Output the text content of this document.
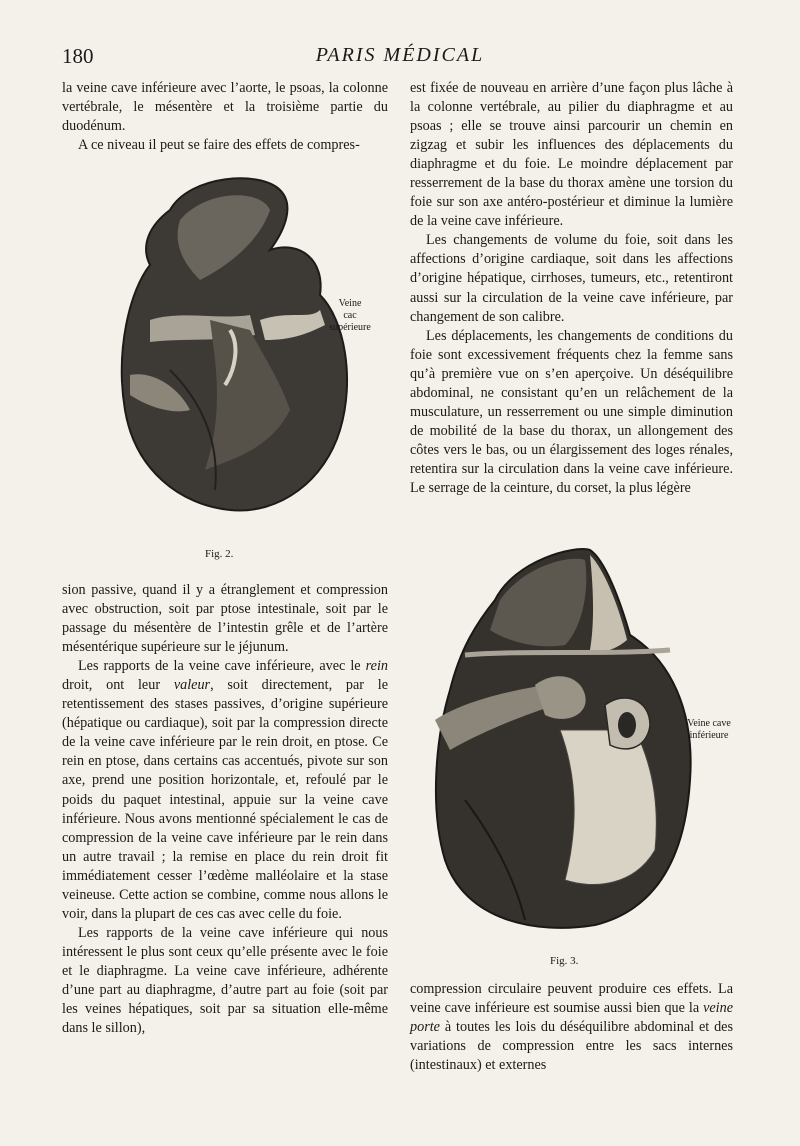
180	PARIS MÉDICAL

la veine cave inférieure avec l’aorte, le psoas, la colonne vertébrale, le mésentère et la troisième partie du duodénum.

A ce niveau il peut se faire des effets de compres-

Veine
cac
supérieure
Fig. 2.

est fixée de nouveau en arrière d’une façon plus lâche à la colonne vertébrale, au pilier du diaphragme et au psoas ; elle se trouve ainsi parcourir un chemin en zigzag et subir les influences des déplacements du diaphragme et du foie. Le moindre déplacement par resserrement de la base du thorax amène une torsion du foie sur son axe antéro-postérieur et diminue la lumière de la veine cave inférieure.

Les changements de volume du foie, soit dans les affections d’origine cardiaque, soit dans les affections d’origine hépatique, cirrhoses, tumeurs, etc., retentiront aussi sur la circulation de la veine cave inférieure, par changement de son calibre.

Les déplacements, les changements de conditions du foie sont excessivement fréquents chez la femme sans qu’à première vue on s’en aperçoive. Un déséquilibre abdominal, ne consistant qu’en un relâchement de la musculature, un resserrement ou une simple diminution de mobilité de la base du thorax, un allongement des côtes vers le bas, ou un élargissement des loges rénales, retentira sur la circulation dans la veine cave inférieure. Le serrage de la ceinture, du corset, la plus légère

sion passive, quand il y a étranglement et compression avec obstruction, soit par ptose intestinale, soit par le passage du mésentère de l’intestin grêle et de l’artère mésentérique supérieure sur le jéjunum.

Les rapports de la veine cave inférieure, avec le rein droit, ont leur valeur, soit directement, par le retentissement des stases passives, d’origine supérieure (hépatique ou cardiaque), soit par la compression directe de la veine cave inférieure par le rein droit, en ptose. Ce rein en ptose, dans certains cas accentués, pivote sur son axe, prend une position horizontale, et, refoulé par le poids du paquet intestinal, appuie sur la veine cave inférieure. Nous avons mentionné spécialement le cas de compression de la veine cave inférieure par le rein dans un autre travail ; la remise en place du rein droit fit immédiatement cesser l’œdème malléolaire et la stase veineuse. Cette action se combine, comme nous allons le voir, dans la plupart de ces cas avec celle du foie.

Les rapports de la veine cave inférieure qui nous intéressent le plus sont ceux qu’elle présente avec le foie et le diaphragme. La veine cave inférieure, adhérente d’une part au diaphragme, d’autre part au foie (soit par les veines hépatiques, soit par sa situation elle-même dans le sillon),

Veine cave
inférieure
Fig. 3.

compression circulaire peuvent produire ces effets. La veine cave inférieure est soumise aussi bien que la veine porte à toutes les lois du déséquilibre abdominal et des variations de compression entre les sacs internes (intestinaux) et externes
